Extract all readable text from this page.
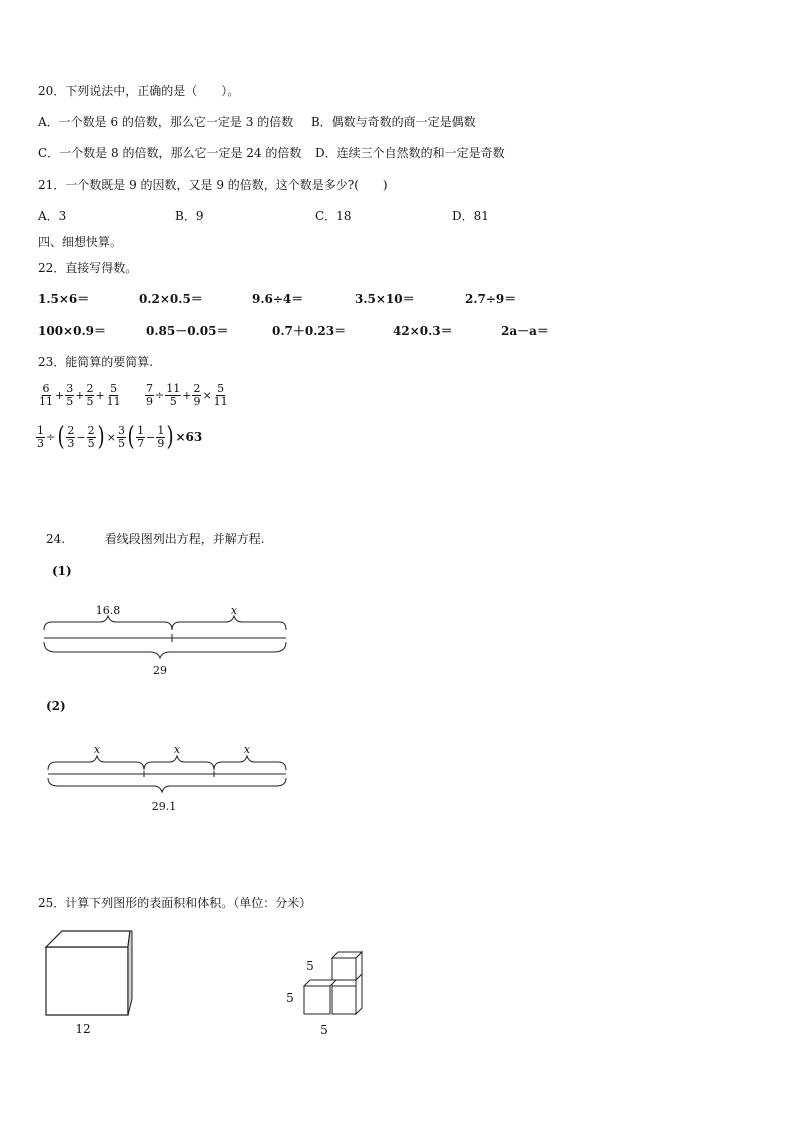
20．下列说法中，正确的是（　　）。
A．一个数是 6 的倍数，那么它一定是 3 的倍数 B．偶数与奇数的商一定是偶数
C．一个数是 8 的倍数，那么它一定是 24 的倍数 D．连续三个自然数的和一定是奇数
21．一个数既是 9 的因数，又是 9 的倍数，这个数是多少?(　　)
A．3	B．9	C．18	D．81
四、细想快算。
22．直接写得数。
1.5×6＝	0.2×0.5＝	9.6÷4＝	3.5×10＝	2.7÷9＝
100×0.9＝	0.85－0.05＝	0.7＋0.23＝	42×0.3＝	2a－a＝
23．能简算的要简算.
$\frac{6}{11} + \frac{3}{5} + \frac{2}{5} + \frac{5}{11} \frac{7}{9} \div \frac{11}{5} + \frac{2}{9} \times \frac{5}{11}$
$\frac{1}{3}$ ÷ ( $\frac{2}{3} - \frac{2}{5}$ ) × $\frac{3}{5}$ ( $\frac{1}{7} - \frac{1}{9}$ ) ×63
24.	看线段图列出方程，并解方程.
(1)
16.8	x
29
(2)
x	x	x
29.1
25．计算下列图形的表面积和体积。（单位：分米）
12
5
5
5
